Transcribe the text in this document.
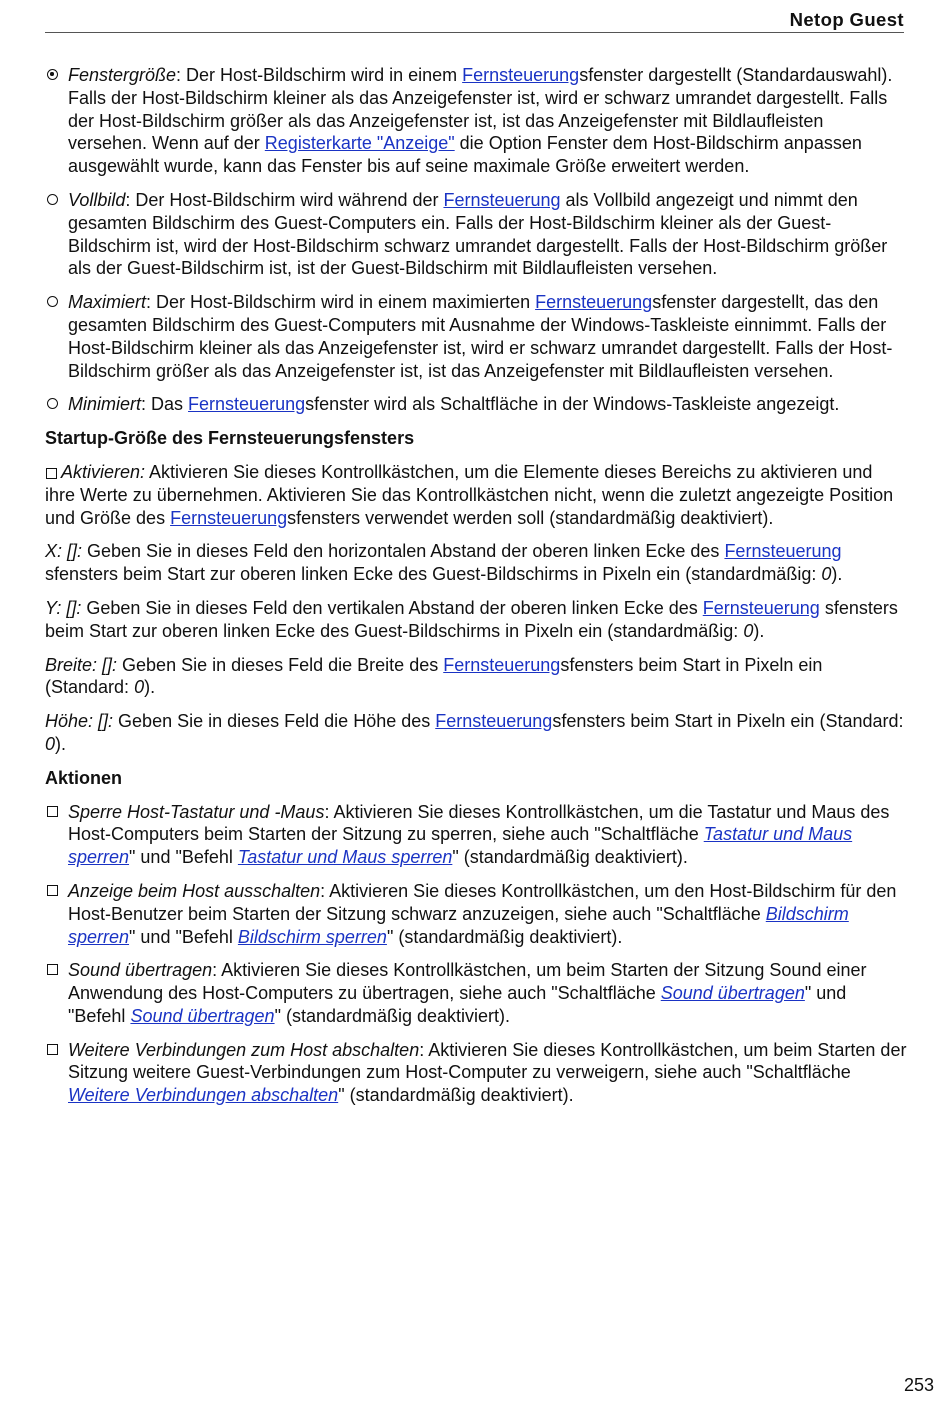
Netop Guest
Fenstergröße: Der Host-Bildschirm wird in einem Fernsteuerungsfenster dargestellt (Standardauswahl). Falls der Host-Bildschirm kleiner als das Anzeigefenster ist, wird er schwarz umrandet dargestellt. Falls der Host-Bildschirm größer als das Anzeigefenster ist, ist das Anzeigefenster mit Bildlaufleisten versehen. Wenn auf der Registerkarte "Anzeige" die Option Fenster dem Host-Bildschirm anpassen ausgewählt wurde, kann das Fenster bis auf seine maximale Größe erweitert werden.
Vollbild: Der Host-Bildschirm wird während der Fernsteuerung als Vollbild angezeigt und nimmt den gesamten Bildschirm des Guest-Computers ein. Falls der Host-Bildschirm kleiner als der Guest-Bildschirm ist, wird der Host-Bildschirm schwarz umrandet dargestellt. Falls der Host-Bildschirm größer als der Guest-Bildschirm ist, ist der Guest-Bildschirm mit Bildlaufleisten versehen.
Maximiert: Der Host-Bildschirm wird in einem maximierten Fernsteuerungsfenster dargestellt, das den gesamten Bildschirm des Guest-Computers mit Ausnahme der Windows-Taskleiste einnimmt. Falls der Host-Bildschirm kleiner als das Anzeigefenster ist, wird er schwarz umrandet dargestellt. Falls der Host-Bildschirm größer als das Anzeigefenster ist, ist das Anzeigefenster mit Bildlaufleisten versehen.
Minimiert: Das Fernsteuerungsfenster wird als Schaltfläche in der Windows-Taskleiste angezeigt.
Startup-Größe des Fernsteuerungsfensters
Aktivieren: Aktivieren Sie dieses Kontrollkästchen, um die Elemente dieses Bereichs zu aktivieren und ihre Werte zu übernehmen. Aktivieren Sie das Kontrollkästchen nicht, wenn die zuletzt angezeigte Position und Größe des Fernsteuerungsfensters verwendet werden soll (standardmäßig deaktiviert).
X: []: Geben Sie in dieses Feld den horizontalen Abstand der oberen linken Ecke des Fernsteuerung sfensters beim Start zur oberen linken Ecke des Guest-Bildschirms in Pixeln ein (standardmäßig: 0).
Y: []: Geben Sie in dieses Feld den vertikalen Abstand der oberen linken Ecke des Fernsteuerung sfensters beim Start zur oberen linken Ecke des Guest-Bildschirms in Pixeln ein (standardmäßig: 0).
Breite: []: Geben Sie in dieses Feld die Breite des Fernsteuerungsfensters beim Start in Pixeln ein (Standard: 0).
Höhe: []: Geben Sie in dieses Feld die Höhe des Fernsteuerungsfensters beim Start in Pixeln ein (Standard: 0).
Aktionen
Sperre Host-Tastatur und -Maus: Aktivieren Sie dieses Kontrollkästchen, um die Tastatur und Maus des Host-Computers beim Starten der Sitzung zu sperren, siehe auch "Schaltfläche Tastatur und Maus sperren" und "Befehl Tastatur und Maus sperren" (standardmäßig deaktiviert).
Anzeige beim Host ausschalten: Aktivieren Sie dieses Kontrollkästchen, um den Host-Bildschirm für den Host-Benutzer beim Starten der Sitzung schwarz anzuzeigen, siehe auch "Schaltfläche Bildschirm sperren" und "Befehl Bildschirm sperren" (standardmäßig deaktiviert).
Sound übertragen: Aktivieren Sie dieses Kontrollkästchen, um beim Starten der Sitzung Sound einer Anwendung des Host-Computers zu übertragen, siehe auch "Schaltfläche Sound übertragen" und "Befehl Sound übertragen" (standardmäßig deaktiviert).
Weitere Verbindungen zum Host abschalten: Aktivieren Sie dieses Kontrollkästchen, um beim Starten der Sitzung weitere Guest-Verbindungen zum Host-Computer zu verweigern, siehe auch "Schaltfläche Weitere Verbindungen abschalten" (standardmäßig deaktiviert).
253
